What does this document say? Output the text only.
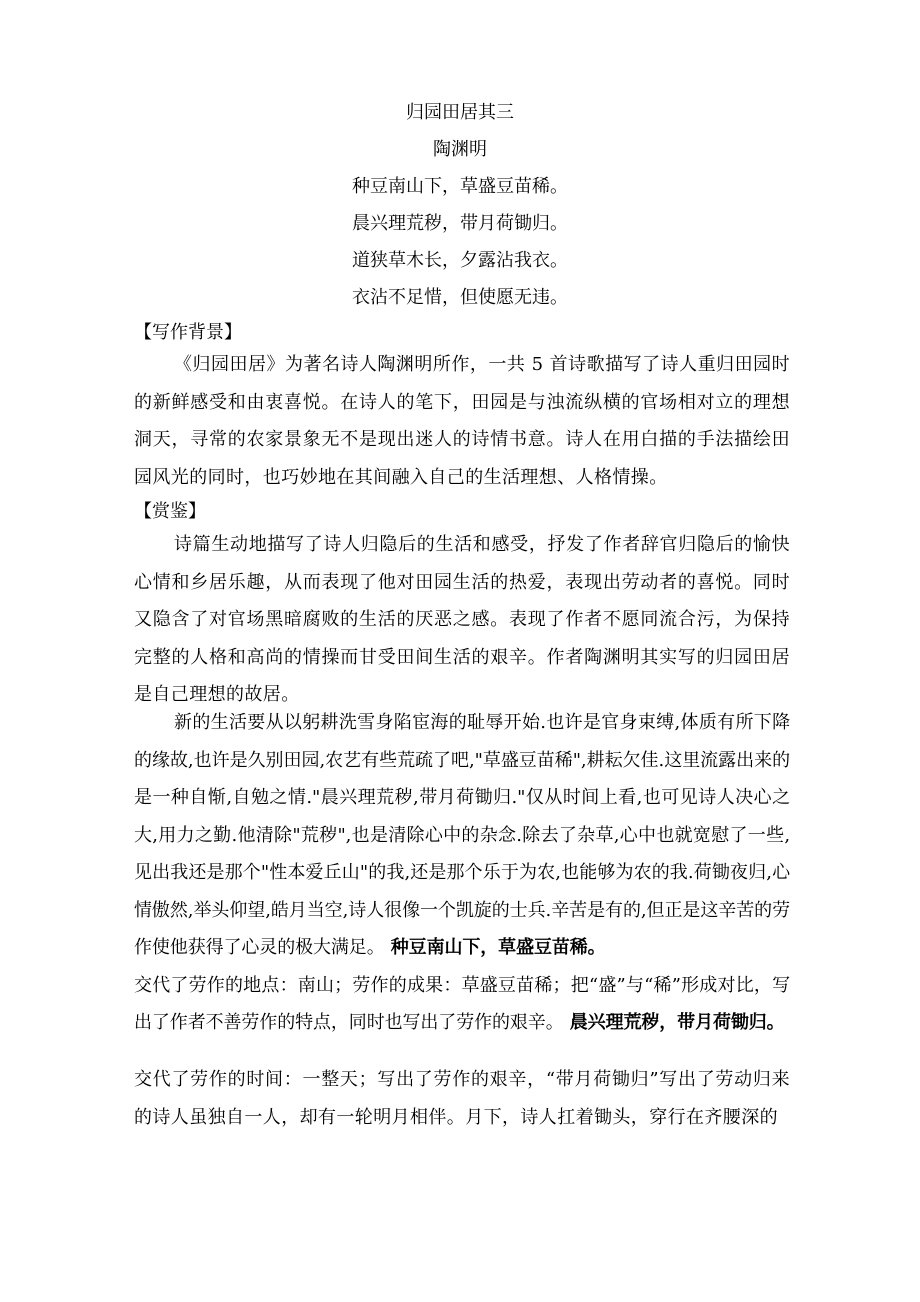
归园田居其三
陶渊明
种豆南山下，草盛豆苗稀。
晨兴理荒秽，带月荷锄归。
道狭草木长，夕露沾我衣。
衣沾不足惜，但使愿无违。
【写作背景】
《归园田居》为著名诗人陶渊明所作，一共 5 首诗歌描写了诗人重归田园时的新鲜感受和由衷喜悦。在诗人的笔下，田园是与浊流纵横的官场相对立的理想洞天，寻常的农家景象无不是现出迷人的诗情书意。诗人在用白描的手法描绘田园风光的同时，也巧妙地在其间融入自己的生活理想、人格情操。
【赏鉴】
诗篇生动地描写了诗人归隐后的生活和感受，抒发了作者辞官归隐后的愉快心情和乡居乐趣，从而表现了他对田园生活的热爱，表现出劳动者的喜悦。同时又隐含了对官场黑暗腐败的生活的厌恶之感。表现了作者不愿同流合污，为保持完整的人格和高尚的情操而甘受田间生活的艰辛。作者陶渊明其实写的归园田居是自己理想的故居。
新的生活要从以躬耕洗雪身陷宦海的耻辱开始.也许是官身束缚,体质有所下降的缘故,也许是久别田园,农艺有些荒疏了吧,"草盛豆苗稀",耕耘欠佳.这里流露出来的是一种自惭,自勉之情."晨兴理荒秽,带月荷锄归."仅从时间上看,也可见诗人决心之大,用力之勤.他清除"荒秽",也是清除心中的杂念.除去了杂草,心中也就宽慰了一些,见出我还是那个"性本爱丘山"的我,还是那个乐于为农,也能够为农的我.荷锄夜归,心情傲然,举头仰望,皓月当空,诗人很像一个凯旋的士兵.辛苦是有的,但正是这辛苦的劳作使他获得了心灵的极大满足。 种豆南山下，草盛豆苗稀。
交代了劳作的地点：南山；劳作的成果：草盛豆苗稀；把“盛”与“稀”形成对比，写出了作者不善劳作的特点，同时也写出了劳作的艰辛。 晨兴理荒秽，带月荷锄归。
交代了劳作的时间：一整天；写出了劳作的艰辛，“带月荷锄归”写出了劳动归来的诗人虽独自一人，却有一轮明月相伴。月下，诗人扛着锄头，穿行在齐腰深的
